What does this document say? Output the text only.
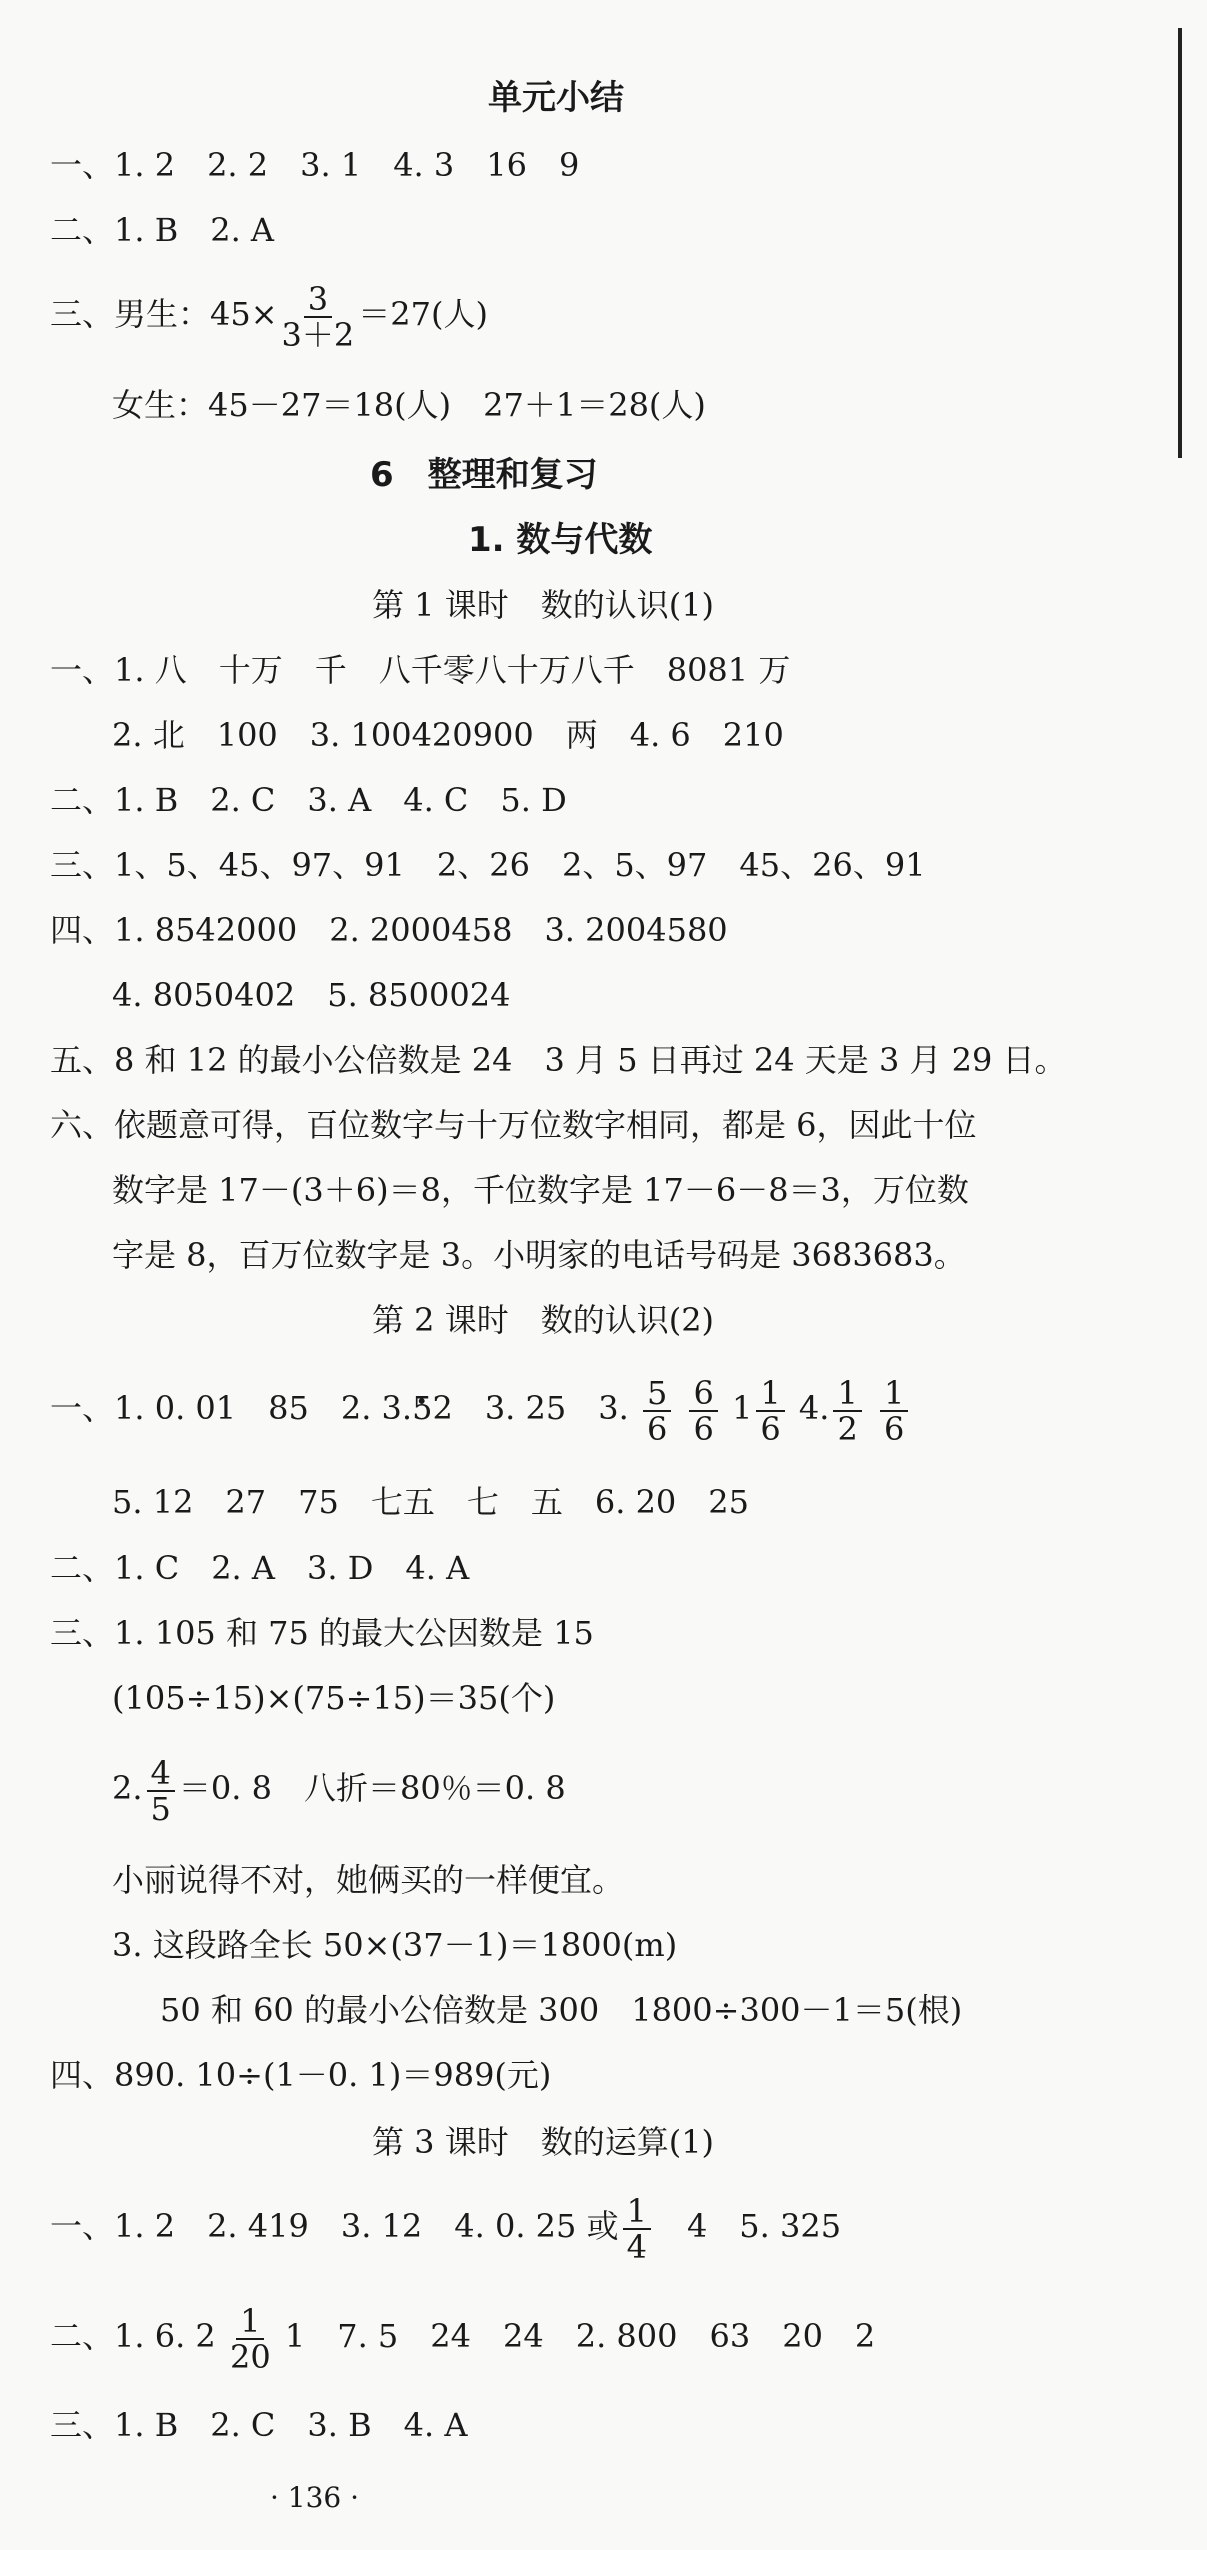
单元小结
一、1. 2　2. 2　3. 1　4. 3　16　9
二、1. B　2. A
三、男生：$45\times \frac{3}{3+2} =27$(人)
女生：45－27＝18(人)　27＋1＝28(人)
6　整理和复习
1. 数与代数
第 1 课时　数的认识(1)
一、1. 八　十万　千　八千零八十万八千　8081 万
2. 北　100　3. 100420900　两　4. 6　210
二、1. B　2. C　3. A　4. C　5. D
三、1、5、45、97、91　2、26　2、5、97　45、26、91
四、1. 8542000　2. 2000458　3. 2004580
4. 8050402　5. 8500024
五、8 和 12 的最小公倍数是 24　3 月 5 日再过 24 天是 3 月 29 日。
六、依题意可得，百位数字与十万位数字相同，都是 6，因此十位
数字是 17－(3＋6)＝8，千位数字是 17－6－8＝3，万位数
字是 8，百万位数字是 3。小明家的电话号码是 3683683。
第 2 课时　数的认识(2)
一、1. 0. 01　85　2. 3.· 52　3. 25　3. $\frac{5}{6}$
$\frac{6}{6} 1 \frac{1}{6} 4$. $\frac{1}{2}$
$\frac{1}{6}$
5. 12　27　75　七五　七　五　6. 20　25
二、1. C　2. A　3. D　4. A
三、1. 105 和 75 的最大公因数是 15
(105÷15)×(75÷15)＝35(个)
2. $\frac{4}{5} =0$. 8　八折＝80％＝0. 8
小丽说得不对，她俩买的一样便宜。
3. 这段路全长 50×(37－1)＝1800(m)
50 和 60 的最小公倍数是 300　1800÷300－1＝5(根)
四、890. 10÷(1－0. 1)＝989(元)
第 3 课时　数的运算(1)
一、1. 2　2. 419　3. 12　4. 0. 25 或 $\frac{1}{4}$ 　4　5. 325
二、1. 6. $2 \frac{1}{20} 1$　7. 5　24　24　2. 800　63　20　2
三、1. B　2. C　3. B　4. A
· 136 ·
